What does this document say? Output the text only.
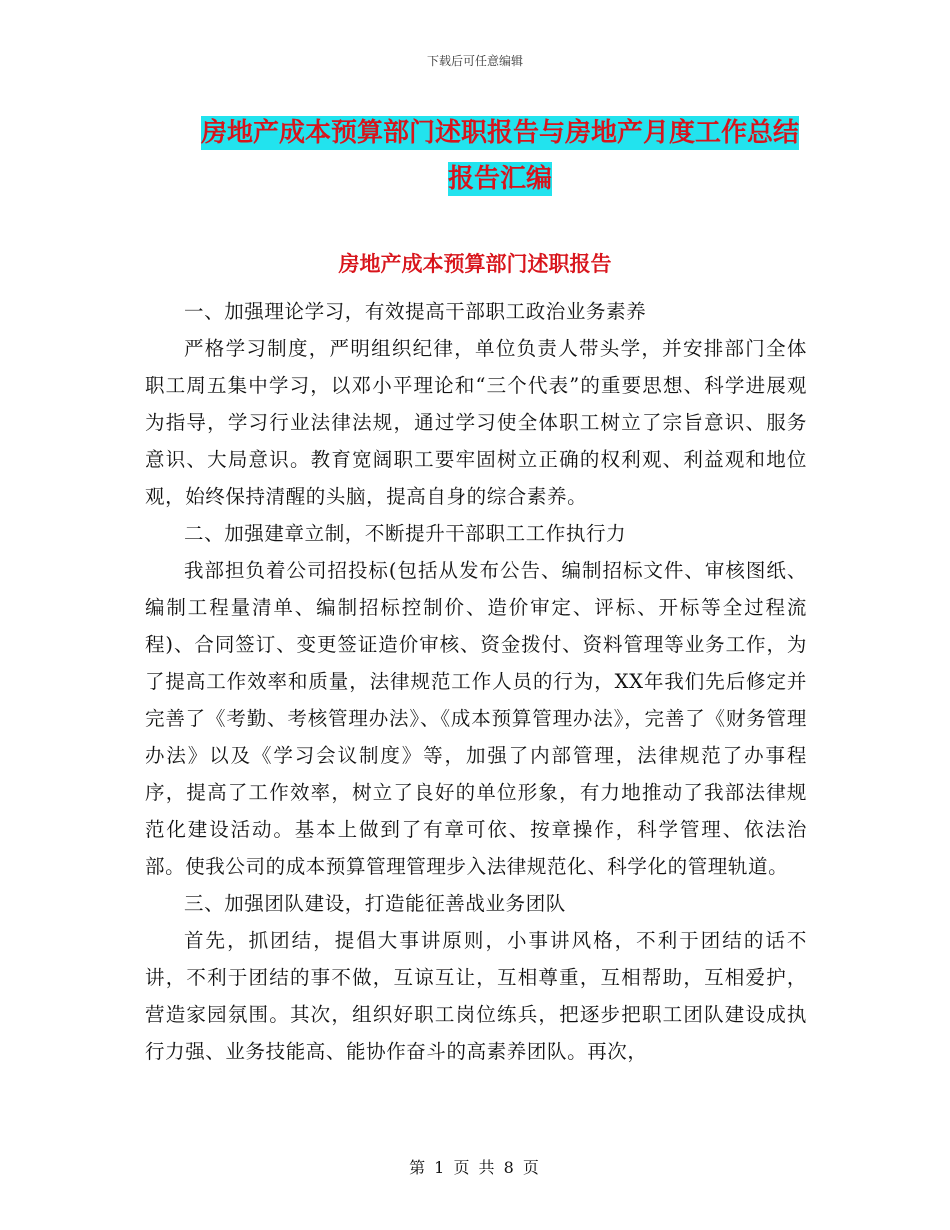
下载后可任意编辑
房地产成本预算部门述职报告与房地产月度工作总结
报告汇编
房地产成本预算部门述职报告

一、加强理论学习，有效提高干部职工政治业务素养

严格学习制度，严明组织纪律，单位负责人带头学，并安排部门全体职工周五集中学习，以邓小平理论和“三个代表”的重要思想、科学进展观为指导，学习行业法律法规，通过学习使全体职工树立了宗旨意识、服务意识、大局意识。教育宽阔职工要牢固树立正确的权利观、利益观和地位观，始终保持清醒的头脑，提高自身的综合素养。

二、加强建章立制，不断提升干部职工工作执行力

我部担负着公司招投标(包括从发布公告、编制招标文件、审核图纸、编制工程量清单、编制招标控制价、造价审定、评标、开标等全过程流程)、合同签订、变更签证造价审核、资金拨付、资料管理等业务工作，为了提高工作效率和质量，法律规范工作人员的行为，XX年我们先后修定并完善了《考勤、考核管理办法》、《成本预算管理办法》，完善了《财务管理办法》以及《学习会议制度》等，加强了内部管理，法律规范了办事程序，提高了工作效率，树立了良好的单位形象，有力地推动了我部法律规范化建设活动。基本上做到了有章可依、按章操作，科学管理、依法治部。使我公司的成本预算管理管理步入法律规范化、科学化的管理轨道。

三、加强团队建设，打造能征善战业务团队

首先，抓团结，提倡大事讲原则，小事讲风格，不利于团结的话不讲，不利于团结的事不做，互谅互让，互相尊重，互相帮助，互相爱护，营造家园氛围。其次，组织好职工岗位练兵，把逐步把职工团队建设成执行力强、业务技能高、能协作奋斗的高素养团队。再次，

第 1 页 共 8 页
